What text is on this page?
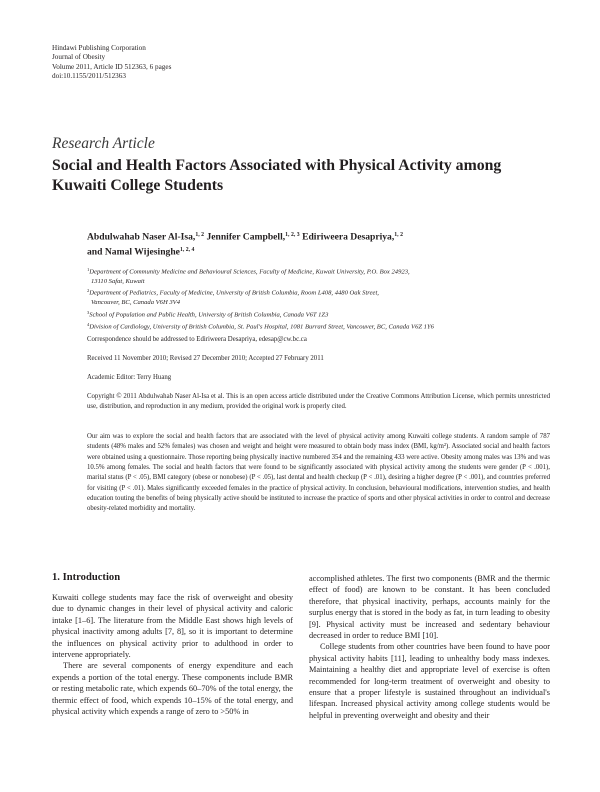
Hindawi Publishing Corporation
Journal of Obesity
Volume 2011, Article ID 512363, 6 pages
doi:10.1155/2011/512363
Research Article
Social and Health Factors Associated with Physical Activity among Kuwaiti College Students
Abdulwahab Naser Al-Isa,$^{1, 2}$ Jennifer Campbell,$^{1, 2, 3}$ Ediriweera Desapriya,$^{1, 2}$
and Namal Wijesinghe$^{1, 2, 4}$
$^1$Department of Community Medicine and Behavioural Sciences, Faculty of Medicine, Kuwait University, P.O. Box 24923,
13110 Safat, Kuwait
$^2$Department of Pediatrics, Faculty of Medicine, University of British Columbia, Room L408, 4480 Oak Street,
Vancouver, BC, Canada V6H 3V4
$^3$School of Population and Public Health, University of British Columbia, Canada V6T 1Z3
$^4$Division of Cardiology, University of British Columbia, St. Paul's Hospital, 1081 Burrard Street, Vancouver, BC, Canada V6Z 1Y6
Correspondence should be addressed to Ediriweera Desapriya, edesap@cw.bc.ca
Received 11 November 2010; Revised 27 December 2010; Accepted 27 February 2011
Academic Editor: Terry Huang
Copyright © 2011 Abdulwahab Naser Al-Isa et al. This is an open access article distributed under the Creative Commons Attribution License, which permits unrestricted use, distribution, and reproduction in any medium, provided the original work is properly cited.
Our aim was to explore the social and health factors that are associated with the level of physical activity among Kuwaiti college students. A random sample of 787 students (48% males and 52% females) was chosen and weight and height were measured to obtain body mass index (BMI, kg/m²). Associated social and health factors were obtained using a questionnaire. Those reporting being physically inactive numbered 354 and the remaining 433 were active. Obesity among males was 13% and was 10.5% among females. The social and health factors that were found to be significantly associated with physical activity among the students were gender (P < .001), marital status (P < .05), BMI category (obese or nonobese) (P < .05), last dental and health checkup (P < .01), desiring a higher degree (P < .001), and countries preferred for visiting (P < .01). Males significantly exceeded females in the practice of physical activity. In conclusion, behavioural modifications, intervention studies, and health education touting the benefits of being physically active should be instituted to increase the practice of sports and other physical activities in order to control and decrease obesity-related morbidity and mortality.
1. Introduction

Kuwaiti college students may face the risk of overweight and obesity due to dynamic changes in their level of physical activity and caloric intake [1–6]. The literature from the Middle East shows high levels of physical inactivity among adults [7, 8], so it is important to determine the influences on physical activity prior to adulthood in order to intervene appropriately.

There are several components of energy expenditure and each expends a portion of the total energy. These components include BMR or resting metabolic rate, which expends 60–70% of the total energy, the thermic effect of food, which expends 10–15% of the total energy, and physical activity which expends a range of zero to >50% in

accomplished athletes. The first two components (BMR and the thermic effect of food) are known to be constant. It has been concluded therefore, that physical inactivity, perhaps, accounts mainly for the surplus energy that is stored in the body as fat, in turn leading to obesity [9]. Physical activity must be increased and sedentary behaviour decreased in order to reduce BMI [10].

College students from other countries have been found to have poor physical activity habits [11], leading to unhealthy body mass indexes. Maintaining a healthy diet and appropriate level of exercise is often recommended for long-term treatment of overweight and obesity to ensure that a proper lifestyle is sustained throughout an individual's lifespan. Increased physical activity among college students would be helpful in preventing overweight and obesity and their
